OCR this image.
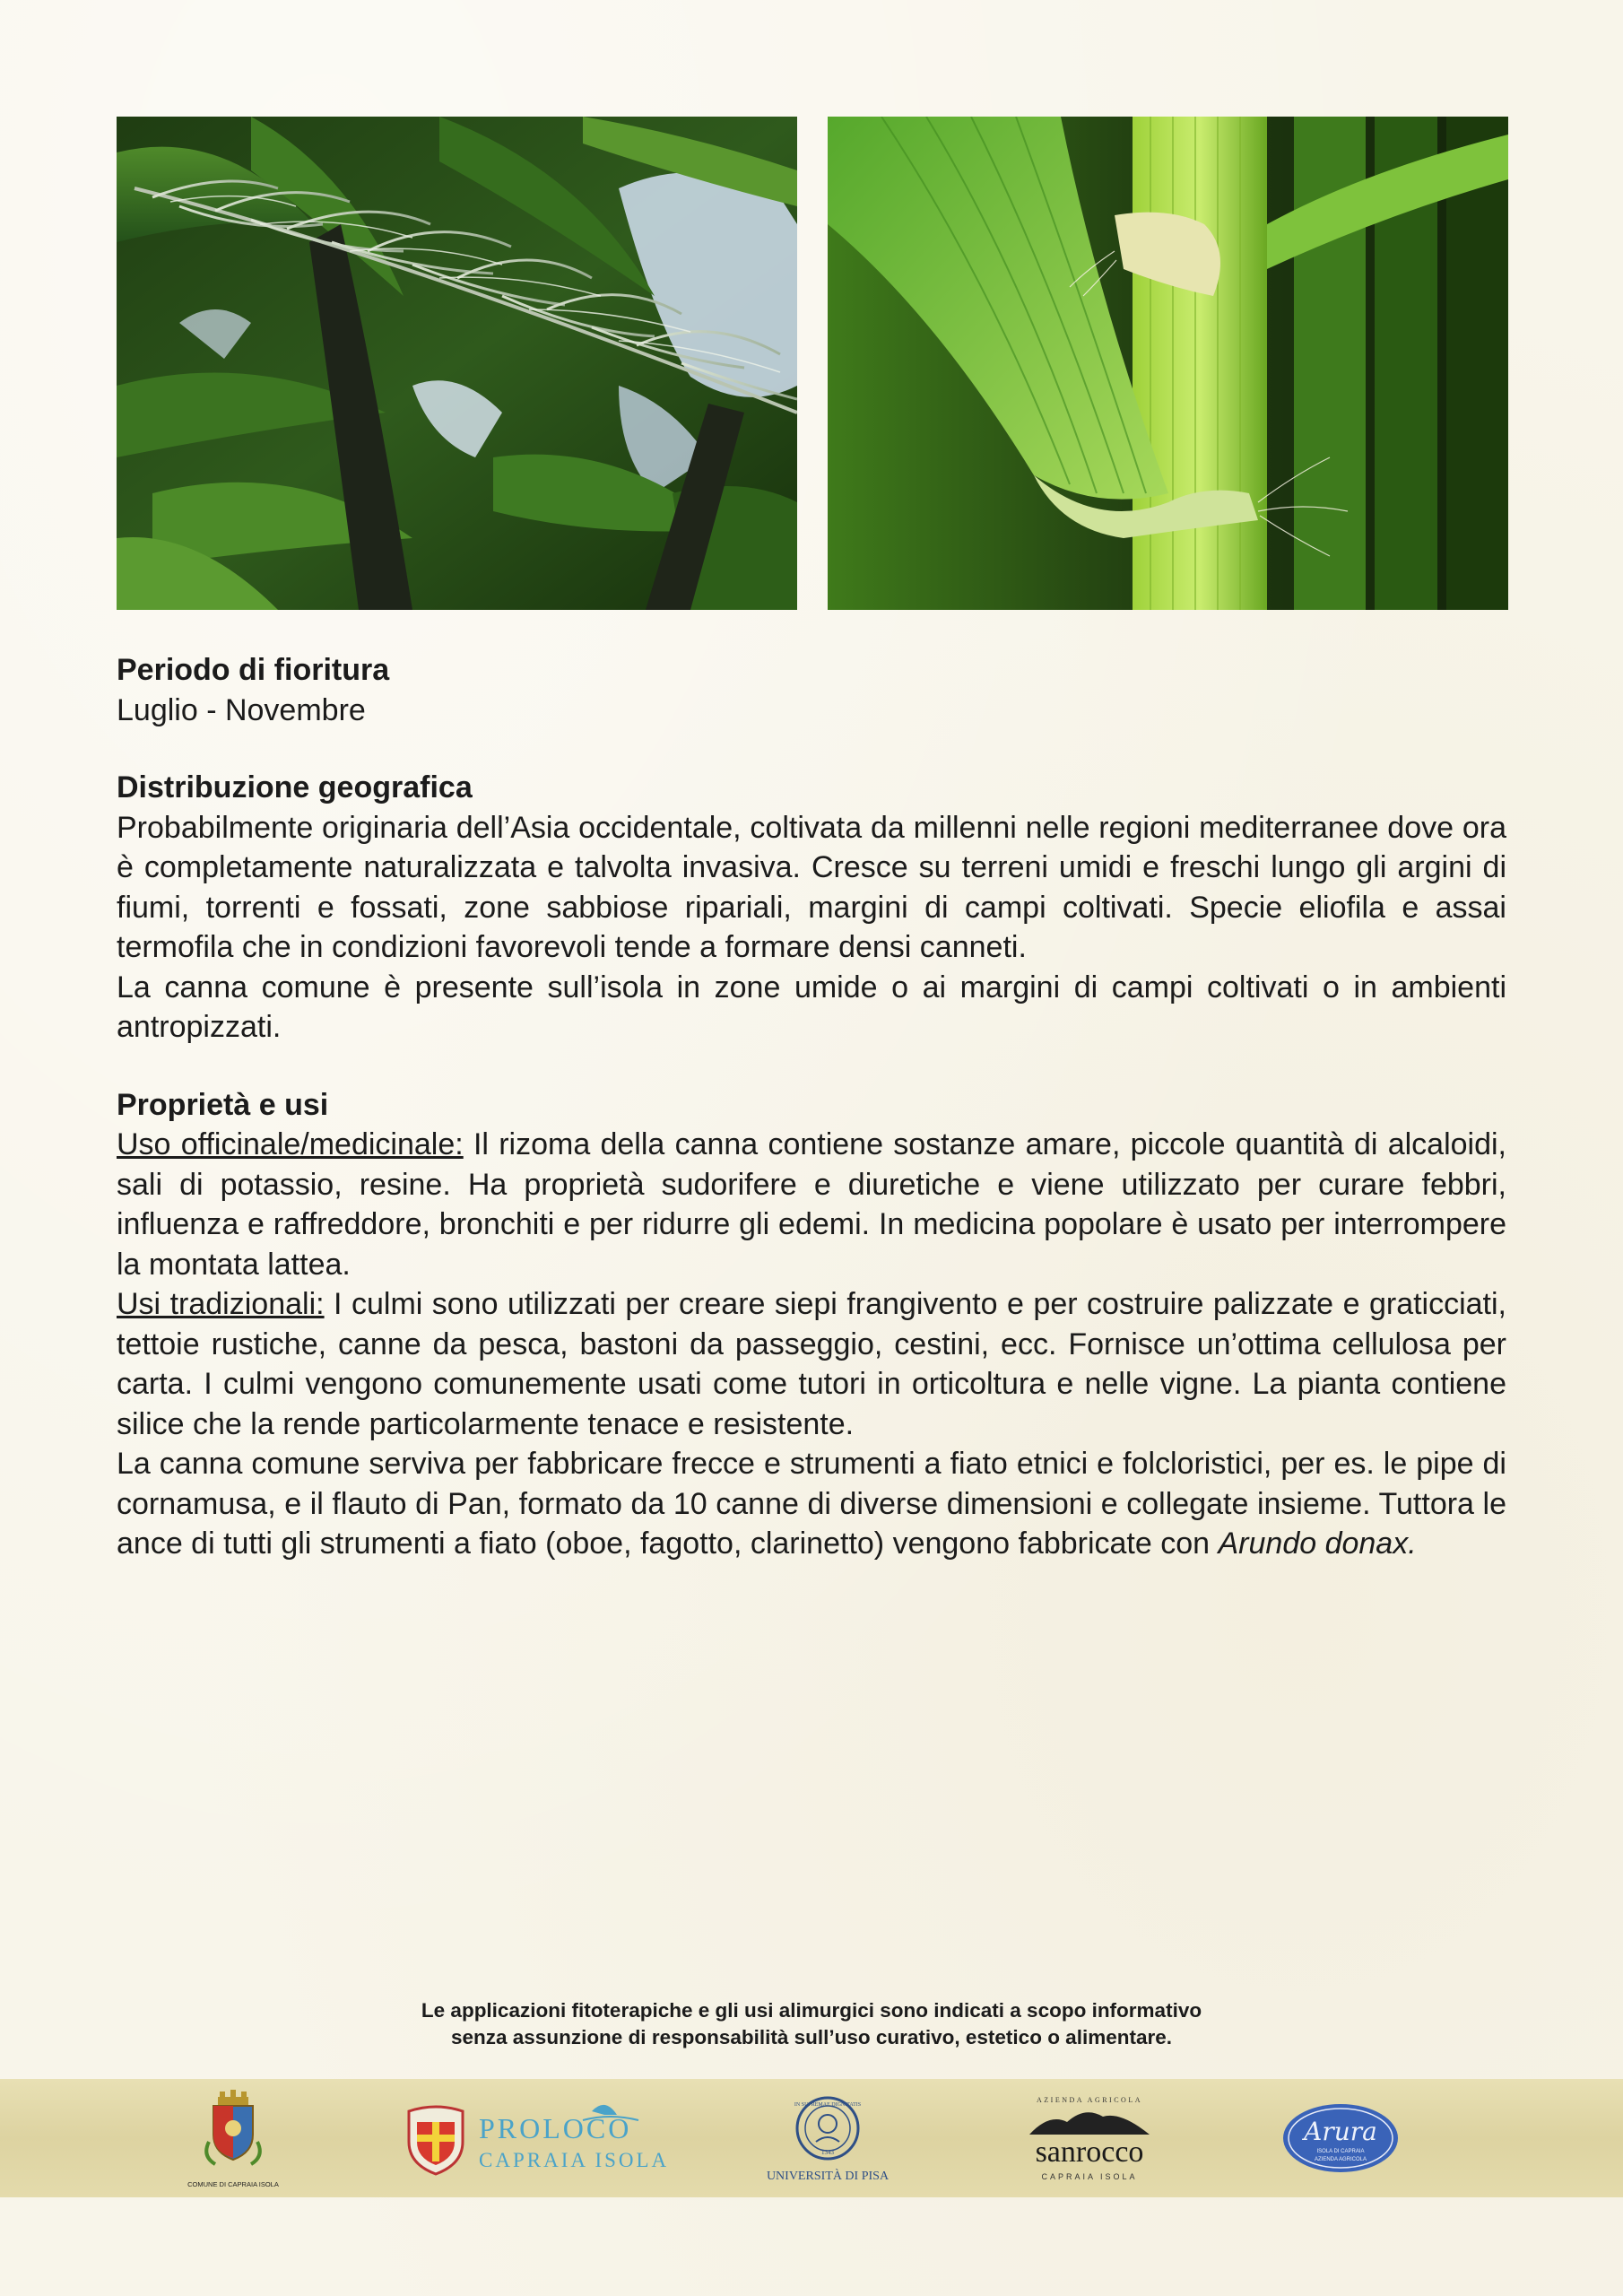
Periodo di fioritura
Luglio - Novembre
Distribuzione geografica
Probabilmente originaria dell’Asia occidentale, coltivata da millenni nelle regioni mediterranee dove ora è completamente naturalizzata e talvolta invasiva. Cresce su terreni umidi e freschi lungo gli argini di fiumi, torrenti e fossati, zone sabbiose ripariali, margini di campi coltivati. Specie eliofila e assai termofila che in condizioni favorevoli tende a formare densi canneti.
La canna comune è presente sull’isola in zone umide o ai margini di campi coltivati o in ambienti antropizzati.
Proprietà e usi
Uso officinale/medicinale: Il rizoma della canna contiene sostanze amare, piccole quantità di alcaloidi, sali di potassio, resine. Ha proprietà sudorifere e diuretiche e viene utilizzato per curare febbri, influenza e raffreddore, bronchiti e per ridurre gli edemi. In medicina popolare è usato per interrompere la montata lattea.
Usi tradizionali: I culmi sono utilizzati per creare siepi frangivento e per costruire palizzate e graticciati, tettoie rustiche, canne da pesca, bastoni da passeggio, cestini, ecc. Fornisce un’ottima cellulosa per carta. I culmi vengono comunemente usati come tutori in orticoltura e nelle vigne. La pianta contiene silice che la rende particolarmente tenace e resistente.
La canna comune serviva per fabbricare frecce e strumenti a fiato etnici e folcloristici, per es. le pipe di cornamusa, e il flauto di Pan, formato da 10 canne di diverse dimensioni e collegate insieme. Tuttora le ance di tutti gli strumenti a fiato (oboe, fagotto, clarinetto) vengono fabbricate con Arundo donax.
Le applicazioni fitoterapiche e gli usi alimurgici sono indicati a scopo informativo
senza assunzione di responsabilità sull’uso curativo, estetico o alimentare.
COMUNE DI CAPRAIA ISOLA
PROLOCO
CAPRAIA ISOLA
IN SUPREMAE DIGNITATIS
1343
UNIVERSITÀ DI PISA
AZIENDA AGRICOLA
sanrocco
CAPRAIA ISOLA
Arura
ISOLA DI CAPRAIA
AZIENDA AGRICOLA
